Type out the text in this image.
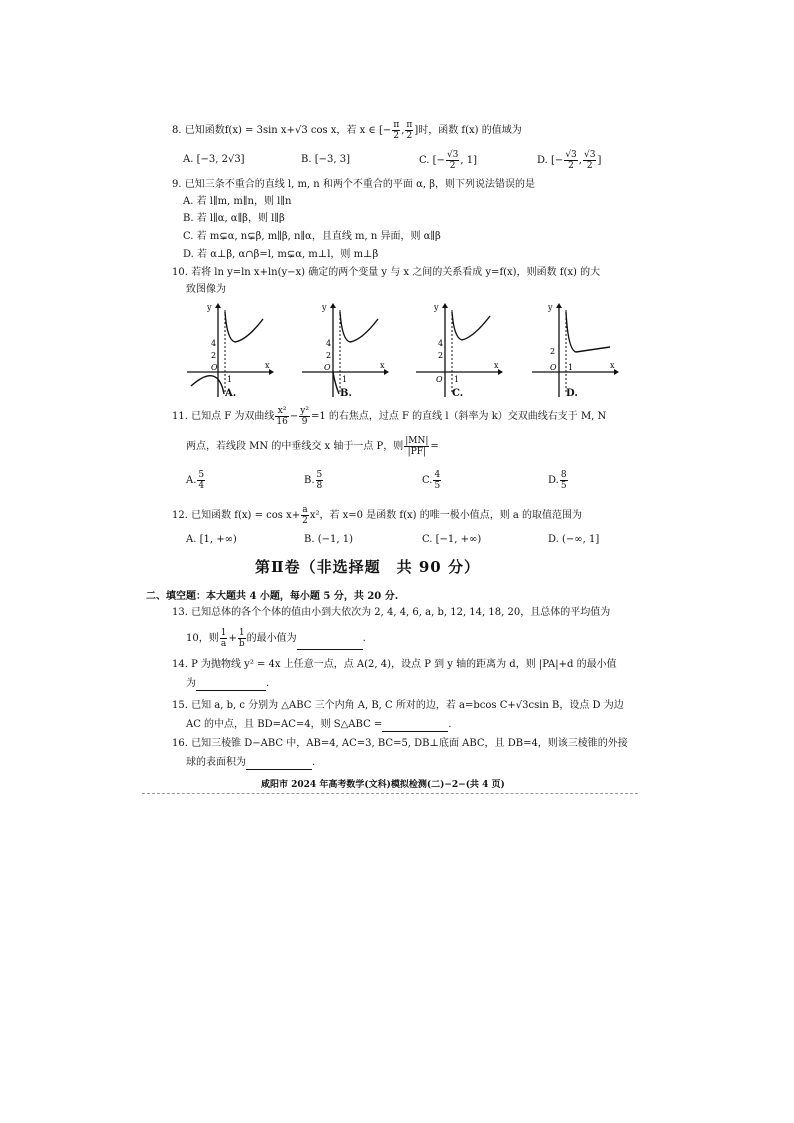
8. 已知函数f(x) = 3sin x+√3 cos x，若 x ∈ [− $\frac{\pi}{2}$ , $\frac{\pi}{2}$ ]时，函数 f(x) 的值域为
A. [−3, 2√3]	B. [−3, 3]	C. [− $\frac{√3}{2}$ , 1]	D. [− $\frac{√3}{2}$ , $\frac{√3}{2}$ ]
9. 已知三条不重合的直线 l, m, n 和两个不重合的平面 α, β，则下列说法错误的是
A. 若 l∥m, m∥n，则 l∥n
B. 若 l∥α, α∥β，则 l∥β
C. 若 m⊊α, n⊊β, m∥β, n∥α，且直线 m, n 异面，则 α∥β
D. 若 α⊥β, α∩β=l, m⊊α, m⊥l，则 m⊥β
10. 若将 ln y=ln x+ln(y−x) 确定的两个变量 y 与 x 之间的关系看成 y=f(x)，则函数 f(x) 的大
致图像为
y
x
4
2
O
1
A.
y
x
4
2
O
1
B.
y
x
4
2
O 1
C.
y
x
2
O 1
D.
11. 已知点 F 为双曲线 $\frac{\text{x²}}{16} - \frac{\text{y²}}{9} =1$ 的右焦点，过点 F 的直线 l（斜率为 k）交双曲线右支于 M, N
两点，若线段 MN 的中垂线交 x 轴于一点 P，则 $\frac{|MN|}{|PF|}$ =
A. $\frac{5}{4}$	B. $\frac{5}{8}$	C. $\frac{4}{5}$	D. $\frac{8}{5}$
12. 已知函数 $f(x) = \cos x+ \frac{a}{2} x^2$，若 x=0 是函数 f(x) 的唯一极小值点，则 a 的取值范围为
A. [1, +∞)	B. (−1, 1)	C. [−1, +∞)	D. (−∞, 1]
第Ⅱ卷（非选择题　共 90 分）
二、填空题：本大题共 4 小题，每小题 5 分，共 20 分.
13. 已知总体的各个个体的值由小到大依次为 2, 4, 4, 6, a, b, 12, 14, 18, 20，且总体的平均值为
10，则 $\frac{1}{a} + \frac{1}{b}$ 的最小值为	.
14. P 为抛物线 y² = 4x 上任意一点，点 A(2, 4)，设点 P 到 y 轴的距离为 d，则 |PA|+d 的最小值
为	.
15. 已知 a, b, c 分别为 △ABC 三个内角 A, B, C 所对的边，若 a=bcos C+√3csin B，设点 D 为边
AC 的中点，且 BD=AC=4，则 S△ABC =	.
16. 已知三棱锥 D−ABC 中，AB=4, AC=3, BC=5, DB⊥底面 ABC，且 DB=4，则该三棱锥的外接
球的表面积为	.
咸阳市 2024 年高考数学(文科)模拟检测(二)−2−(共 4 页)
